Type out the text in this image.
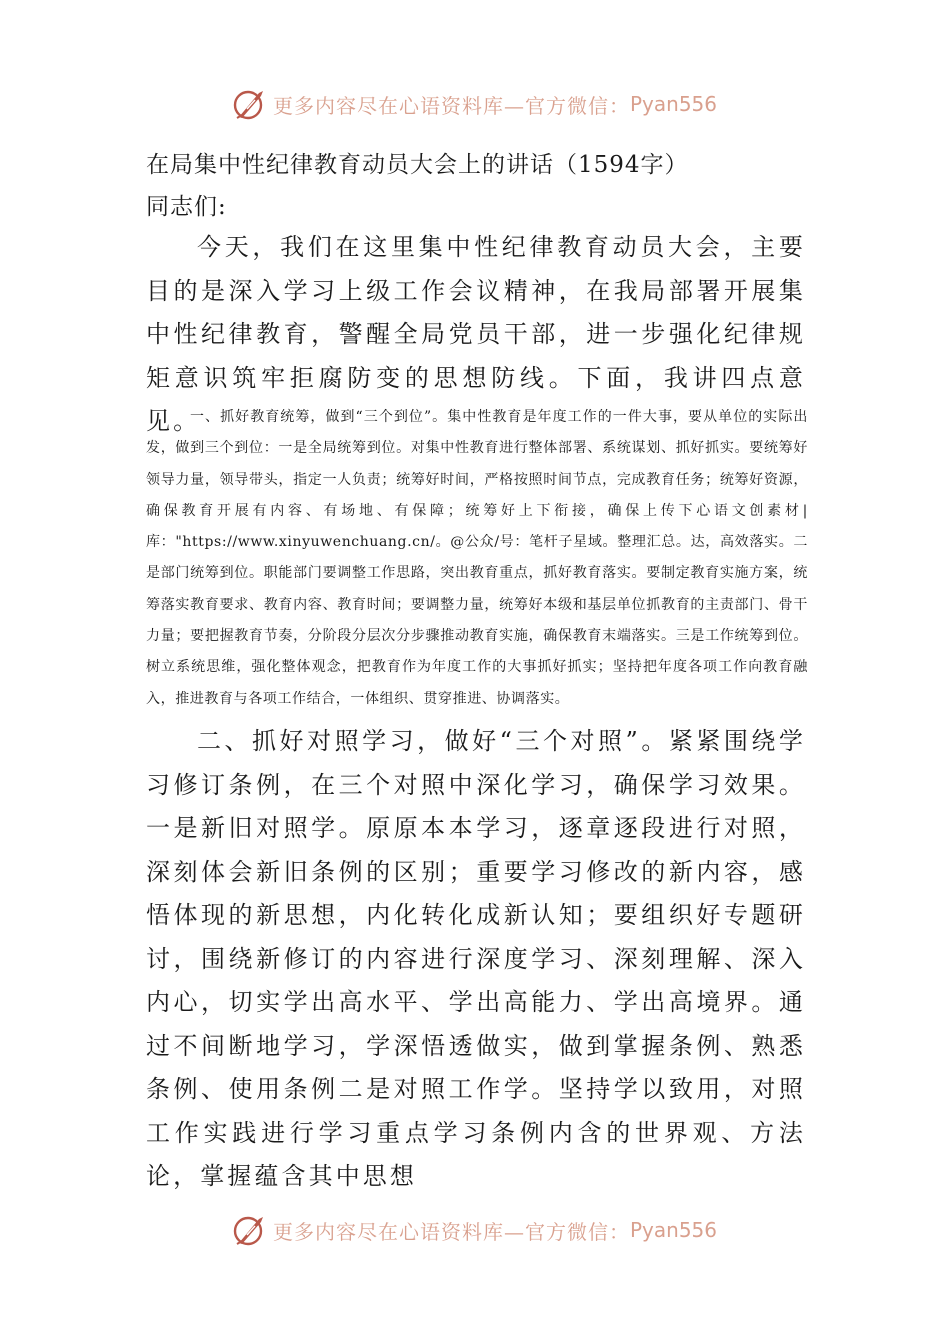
更多内容尽在心语资料库—官方微信： Pyan556
在局集中性纪律教育动员大会上的讲话（1594字）
同志们:

今天，我们在这里集中性纪律教育动员大会，主要目的是深入学习上级工作会议精神，在我局部署开展集中性纪律教育，警醒全局党员干部，进一步强化纪律规矩意识筑牢拒腐防变的思想防线。下面，我讲四点意见。

一、抓好教育统筹，做到“三个到位”。集中性教育是年度工作的一件大事，要从单位的实际出发，做到三个到位：一是全局统筹到位。对集中性教育进行整体部署、系统谋划、抓好抓实。要统筹好领导力量，领导带头，指定一人负责；统筹好时间，严格按照时间节点，完成教育任务；统筹好资源，确保教育开展有内容、有场地、有保障；统筹好上下衔接，确保上传下心语文创素材|库："https://www.xinyuwenchuang.cn/。@公众/号：笔杆子星域。整理汇总。达，高效落实。二是部门统筹到位。职能部门要调整工作思路，突出教育重点，抓好教育落实。要制定教育实施方案，统筹落实教育要求、教育内容、教育时间；要调整力量，统筹好本级和基层单位抓教育的主责部门、骨干力量；要把握教育节奏，分阶段分层次分步骤推动教育实施，确保教育末端落实。三是工作统筹到位。树立系统思维，强化整体观念，把教育作为年度工作的大事抓好抓实；坚持把年度各项工作向教育融入，推进教育与各项工作结合，一体组织、贯穿推进、协调落实。

二、抓好对照学习，做好“三个对照”。紧紧围绕学习修订条例，在三个对照中深化学习，确保学习效果。一是新旧对照学。原原本本学习，逐章逐段进行对照，深刻体会新旧条例的区别；重要学习修改的新内容，感悟体现的新思想，内化转化成新认知；要组织好专题研讨，围绕新修订的内容进行深度学习、深刻理解、深入内心，切实学出高水平、学出高能力、学出高境界。通过不间断地学习，学深悟透做实，做到掌握条例、熟悉条例、使用条例二是对照工作学。坚持学以致用，对照工作实践进行学习重点学习条例内含的世界观、方法论，掌握蕴含其中思想

更多内容尽在心语资料库—官方微信： Pyan556
